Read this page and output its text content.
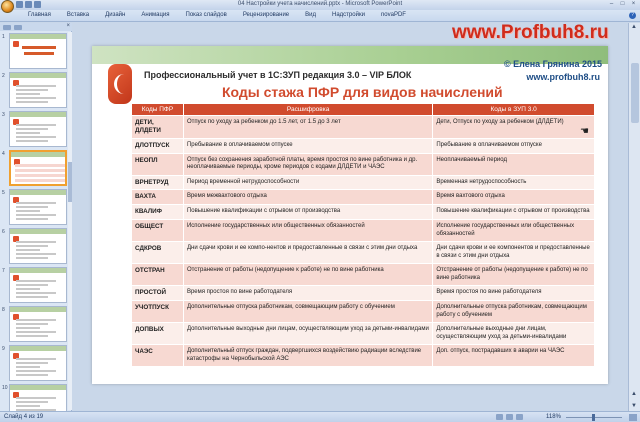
04 Настройки учета начислений.pptx - Microsoft PowerPoint	–	□	×
Главная	Вставка	Дизайн	Анимация	Показ слайдов	Рецензирование	Вид	Надстройки	novaPDF	?
×
1
2
3
4
5
6
7
8
9
10
▲
▲
▼
Профессиональный учет в 1С:ЗУП редакция 3.0 – VIP БЛОК
© Елена Грянина 2015
www.profbuh8.ru
Коды стажа ПФР для видов начислений
Коды ПФР	Расшифровка	Коды в ЗУП 3.0
ДЕТИ, ДЛДЕТИ	Отпуск по уходу за ребенком до 1.5 лет, от 1.5 до 3 лет	Дети, Отпуск по уходу за ребенком (ДЛДЕТИ)
ДЛОТПУСК	Пребывание в оплачиваемом отпуске	Пребывание в оплачиваемом отпуске
НЕОПЛ	Отпуск без сохранения заработной платы, время простоя по вине работника и др. неоплачиваемые периоды, кроме периодов с кодами ДЛДЕТИ и ЧАЭС	Неоплачиваемый период
ВРНЕТРУД	Период временной нетрудоспособности	Временная нетрудоспособность
ВАХТА	Время межвахтового отдыха	Время вахтового отдыха
КВАЛИФ	Повышение квалификации с отрывом от производства	Повышение квалификации с отрывом от производства
ОБЩЕСТ	Исполнение государственных или общественных обязанностей	Исполнение государственных или общественных обязанностей
СДКРОВ	Дни сдачи крови и ее компо-нентов и предоставленные в связи с этим дни отдыха	Дни сдачи крови и ее компонентов и предоставленные в связи с этим дни отдыха
ОТСТРАН	Отстранение от работы (недопущение к работе) не по вине работника	Отстранение от работы (недопущение к работе) не по вине работника
ПРОСТОЙ	Время простоя по вине работодателя	Время простоя по вине работодателя
УЧОТПУСК	Дополнительные отпуска работникам, совмещающим работу с обучением	Дополнительные отпуска работникам, совмещающим работу с обучением
ДОПВЫХ	Дополнительные выходные дни лицам, осуществляющим уход за детьми-инвалидами	Дополнительные выходные дни лицам, осуществляющим уход за детьми-инвалидами
ЧАЭС	Дополнительный отпуск граждан, подвергшихся воздействию радиации вследствие катастрофы на Чернобыльской АЭС	Доп. отпуск, пострадавших в аварии на ЧАЭС
www.Profbuh8.ru
☚
Слайд 4 из 19	118%
